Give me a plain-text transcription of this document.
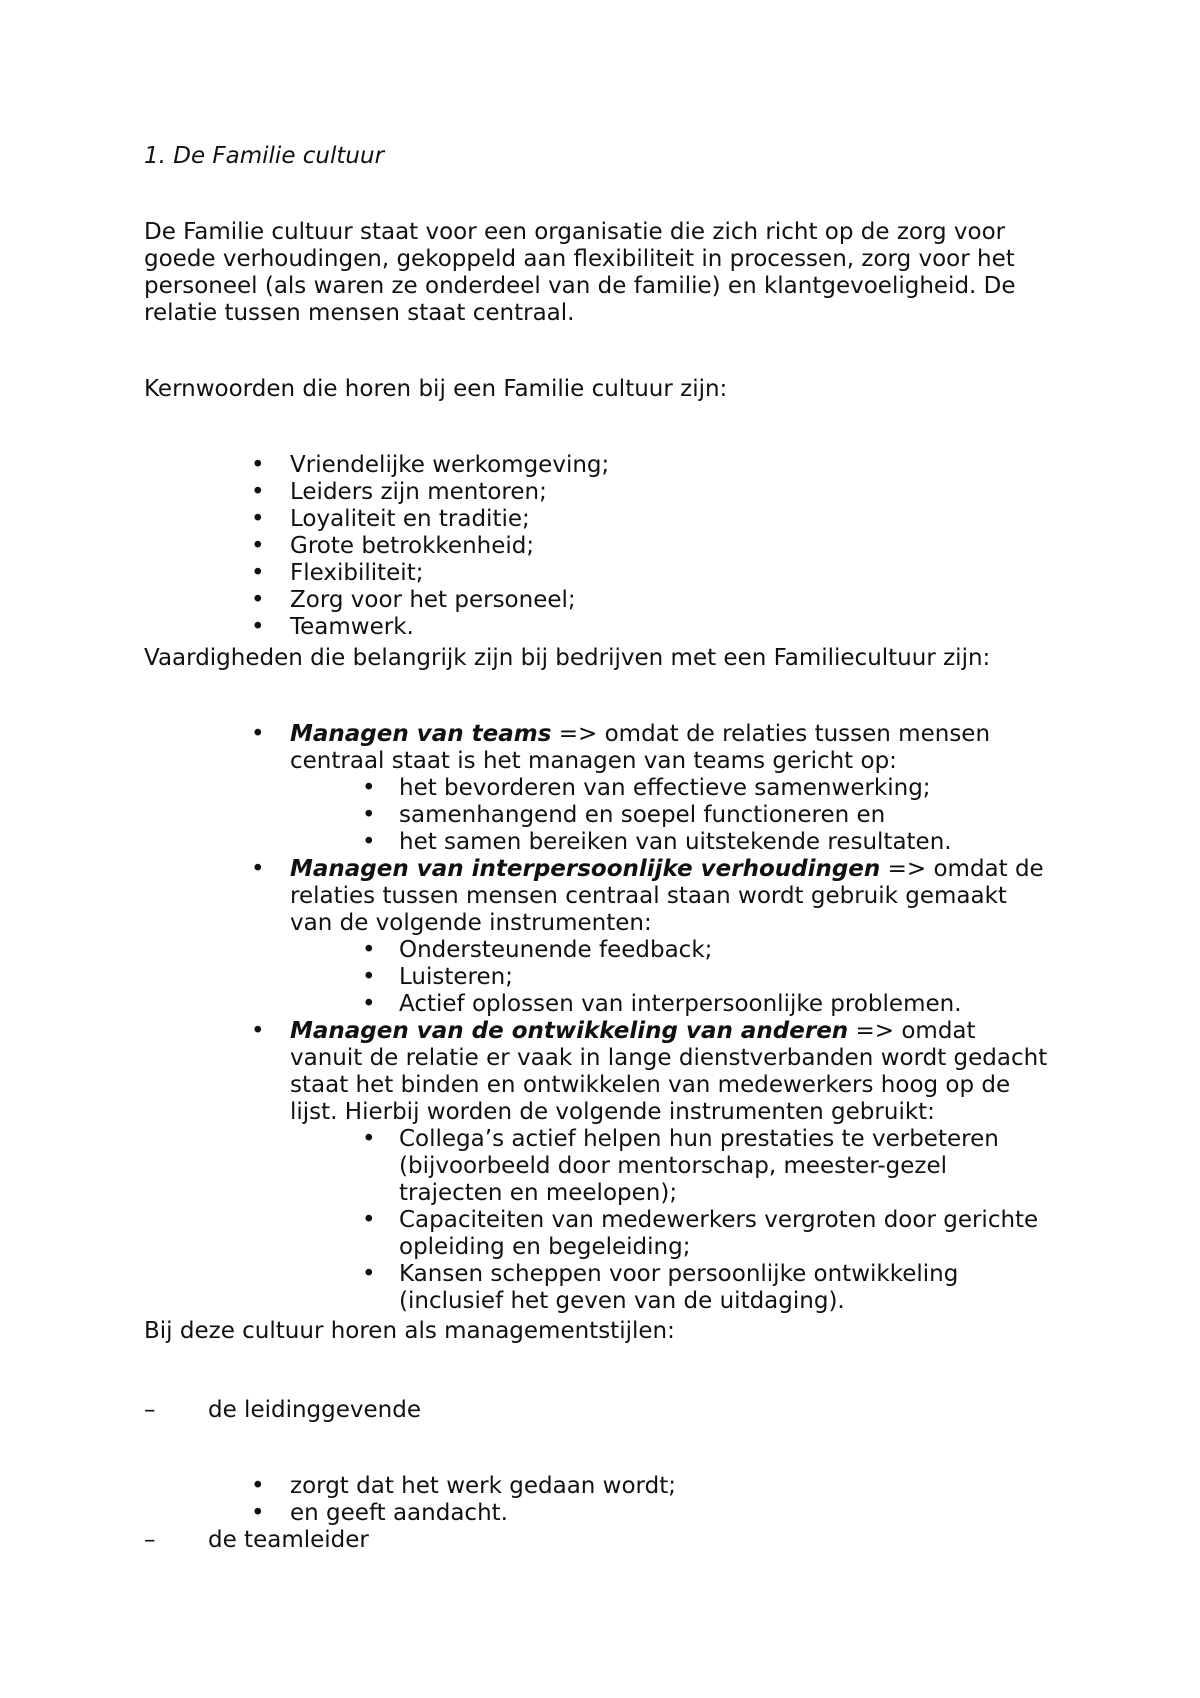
1. De Familie cultuur
De Familie cultuur staat voor een organisatie die zich richt op de zorg voor
goede verhoudingen, gekoppeld aan flexibiliteit in processen, zorg voor het
personeel (als waren ze onderdeel van de familie) en klantgevoeligheid. De
relatie tussen mensen staat centraal.
Kernwoorden die horen bij een Familie cultuur zijn:
• Vriendelijke werkomgeving;
• Leiders zijn mentoren;
• Loyaliteit en traditie;
• Grote betrokkenheid;
• Flexibiliteit;
• Zorg voor het personeel;
• Teamwerk.
Vaardigheden die belangrijk zijn bij bedrijven met een Familiecultuur zijn:
• Managen van teams => omdat de relaties tussen mensen
centraal staat is het managen van teams gericht op:
• het bevorderen van effectieve samenwerking;
• samenhangend en soepel functioneren en
• het samen bereiken van uitstekende resultaten.
• Managen van interpersoonlijke verhoudingen => omdat de
relaties tussen mensen centraal staan wordt gebruik gemaakt
van de volgende instrumenten:
• Ondersteunende feedback;
• Luisteren;
• Actief oplossen van interpersoonlijke problemen.
• Managen van de ontwikkeling van anderen => omdat
vanuit de relatie er vaak in lange dienstverbanden wordt gedacht
staat het binden en ontwikkelen van medewerkers hoog op de
lijst. Hierbij worden de volgende instrumenten gebruikt:
• Collega’s actief helpen hun prestaties te verbeteren
(bijvoorbeeld door mentorschap, meester-gezel
trajecten en meelopen);
• Capaciteiten van medewerkers vergroten door gerichte
opleiding en begeleiding;
• Kansen scheppen voor persoonlijke ontwikkeling
(inclusief het geven van de uitdaging).
Bij deze cultuur horen als managementstijlen:
– de leidinggevende
• zorgt dat het werk gedaan wordt;
• en geeft aandacht.
– de teamleider
